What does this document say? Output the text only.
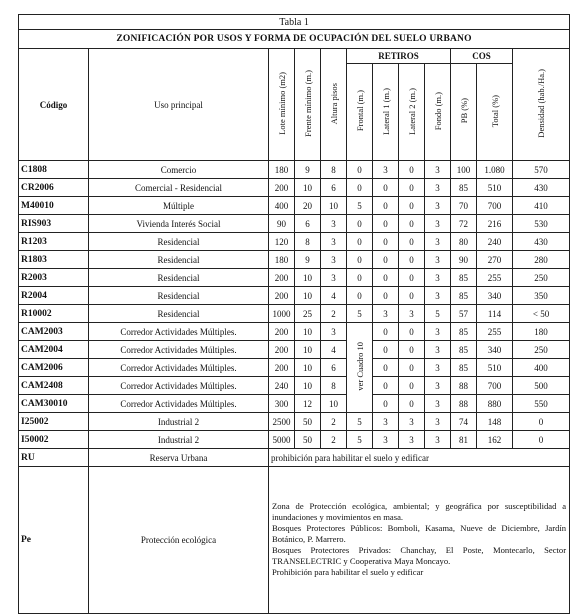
Tabla 1											
ZONIFICACIÓN POR USOS Y FORMA DE OCUPACIÓN DEL SUELO URBANO											
Código	Uso principal	Lote mínimo (m2)	Frente mínimo (m.)	Altura pisos	RETIROS				COS		Densidad (hab./Ha.)
					Frontal (m.)	Lateral 1 (m.)	Lateral 2 (m.)	Fondo (m.)	PB (%)	Total (%)	
C1808	Comercio	180	9	8	0	3	0	3	100	1.080	570
CR2006	Comercial - Residencial	200	10	6	0	0	0	3	85	510	430
M40010	Múltiple	400	20	10	5	0	0	3	70	700	410
RIS903	Vivienda Interés Social	90	6	3	0	0	0	3	72	216	530
R1203	Residencial	120	8	3	0	0	0	3	80	240	430
R1803	Residencial	180	9	3	0	0	0	3	90	270	280
R2003	Residencial	200	10	3	0	0	0	3	85	255	250
R2004	Residencial	200	10	4	0	0	0	3	85	340	350
R10002	Residencial	1000	25	2	5	3	3	5	57	114	< 50
CAM2003	Corredor Actividades Múltiples.	200	10	3	ver Cuadro 10	0	0	3	85	255	180
CAM2004	Corredor Actividades Múltiples.	200	10	4		0	0	3	85	340	250
CAM2006	Corredor Actividades Múltiples.	200	10	6		0	0	3	85	510	400
CAM2408	Corredor Actividades Múltiples.	240	10	8		0	0	3	88	700	500
CAM30010	Corredor Actividades Múltiples.	300	12	10		0	0	3	88	880	550
I25002	Industrial 2	2500	50	2	5	3	3	3	74	148	0
I50002	Industrial 2	5000	50	2	5	3	3	3	81	162	0
RU	Reserva Urbana	prohibición para habilitar el suelo y edificar									
Pe	Protección ecológica	Zona de Protección ecológica, ambiental; y geográfica por susceptibilidad a inundaciones y movimientos en masa.
Bosques Protectores Públicos: Bomboli, Kasama, Nueve de Diciembre, Jardín Botánico, P. Marrero.
Bosques Protectores Privados: Chanchay, El Poste, Montecarlo, Sector TRANSELECTRIC y Cooperativa Maya Moncayo.
Prohibición para habilitar el suelo y edificar									
